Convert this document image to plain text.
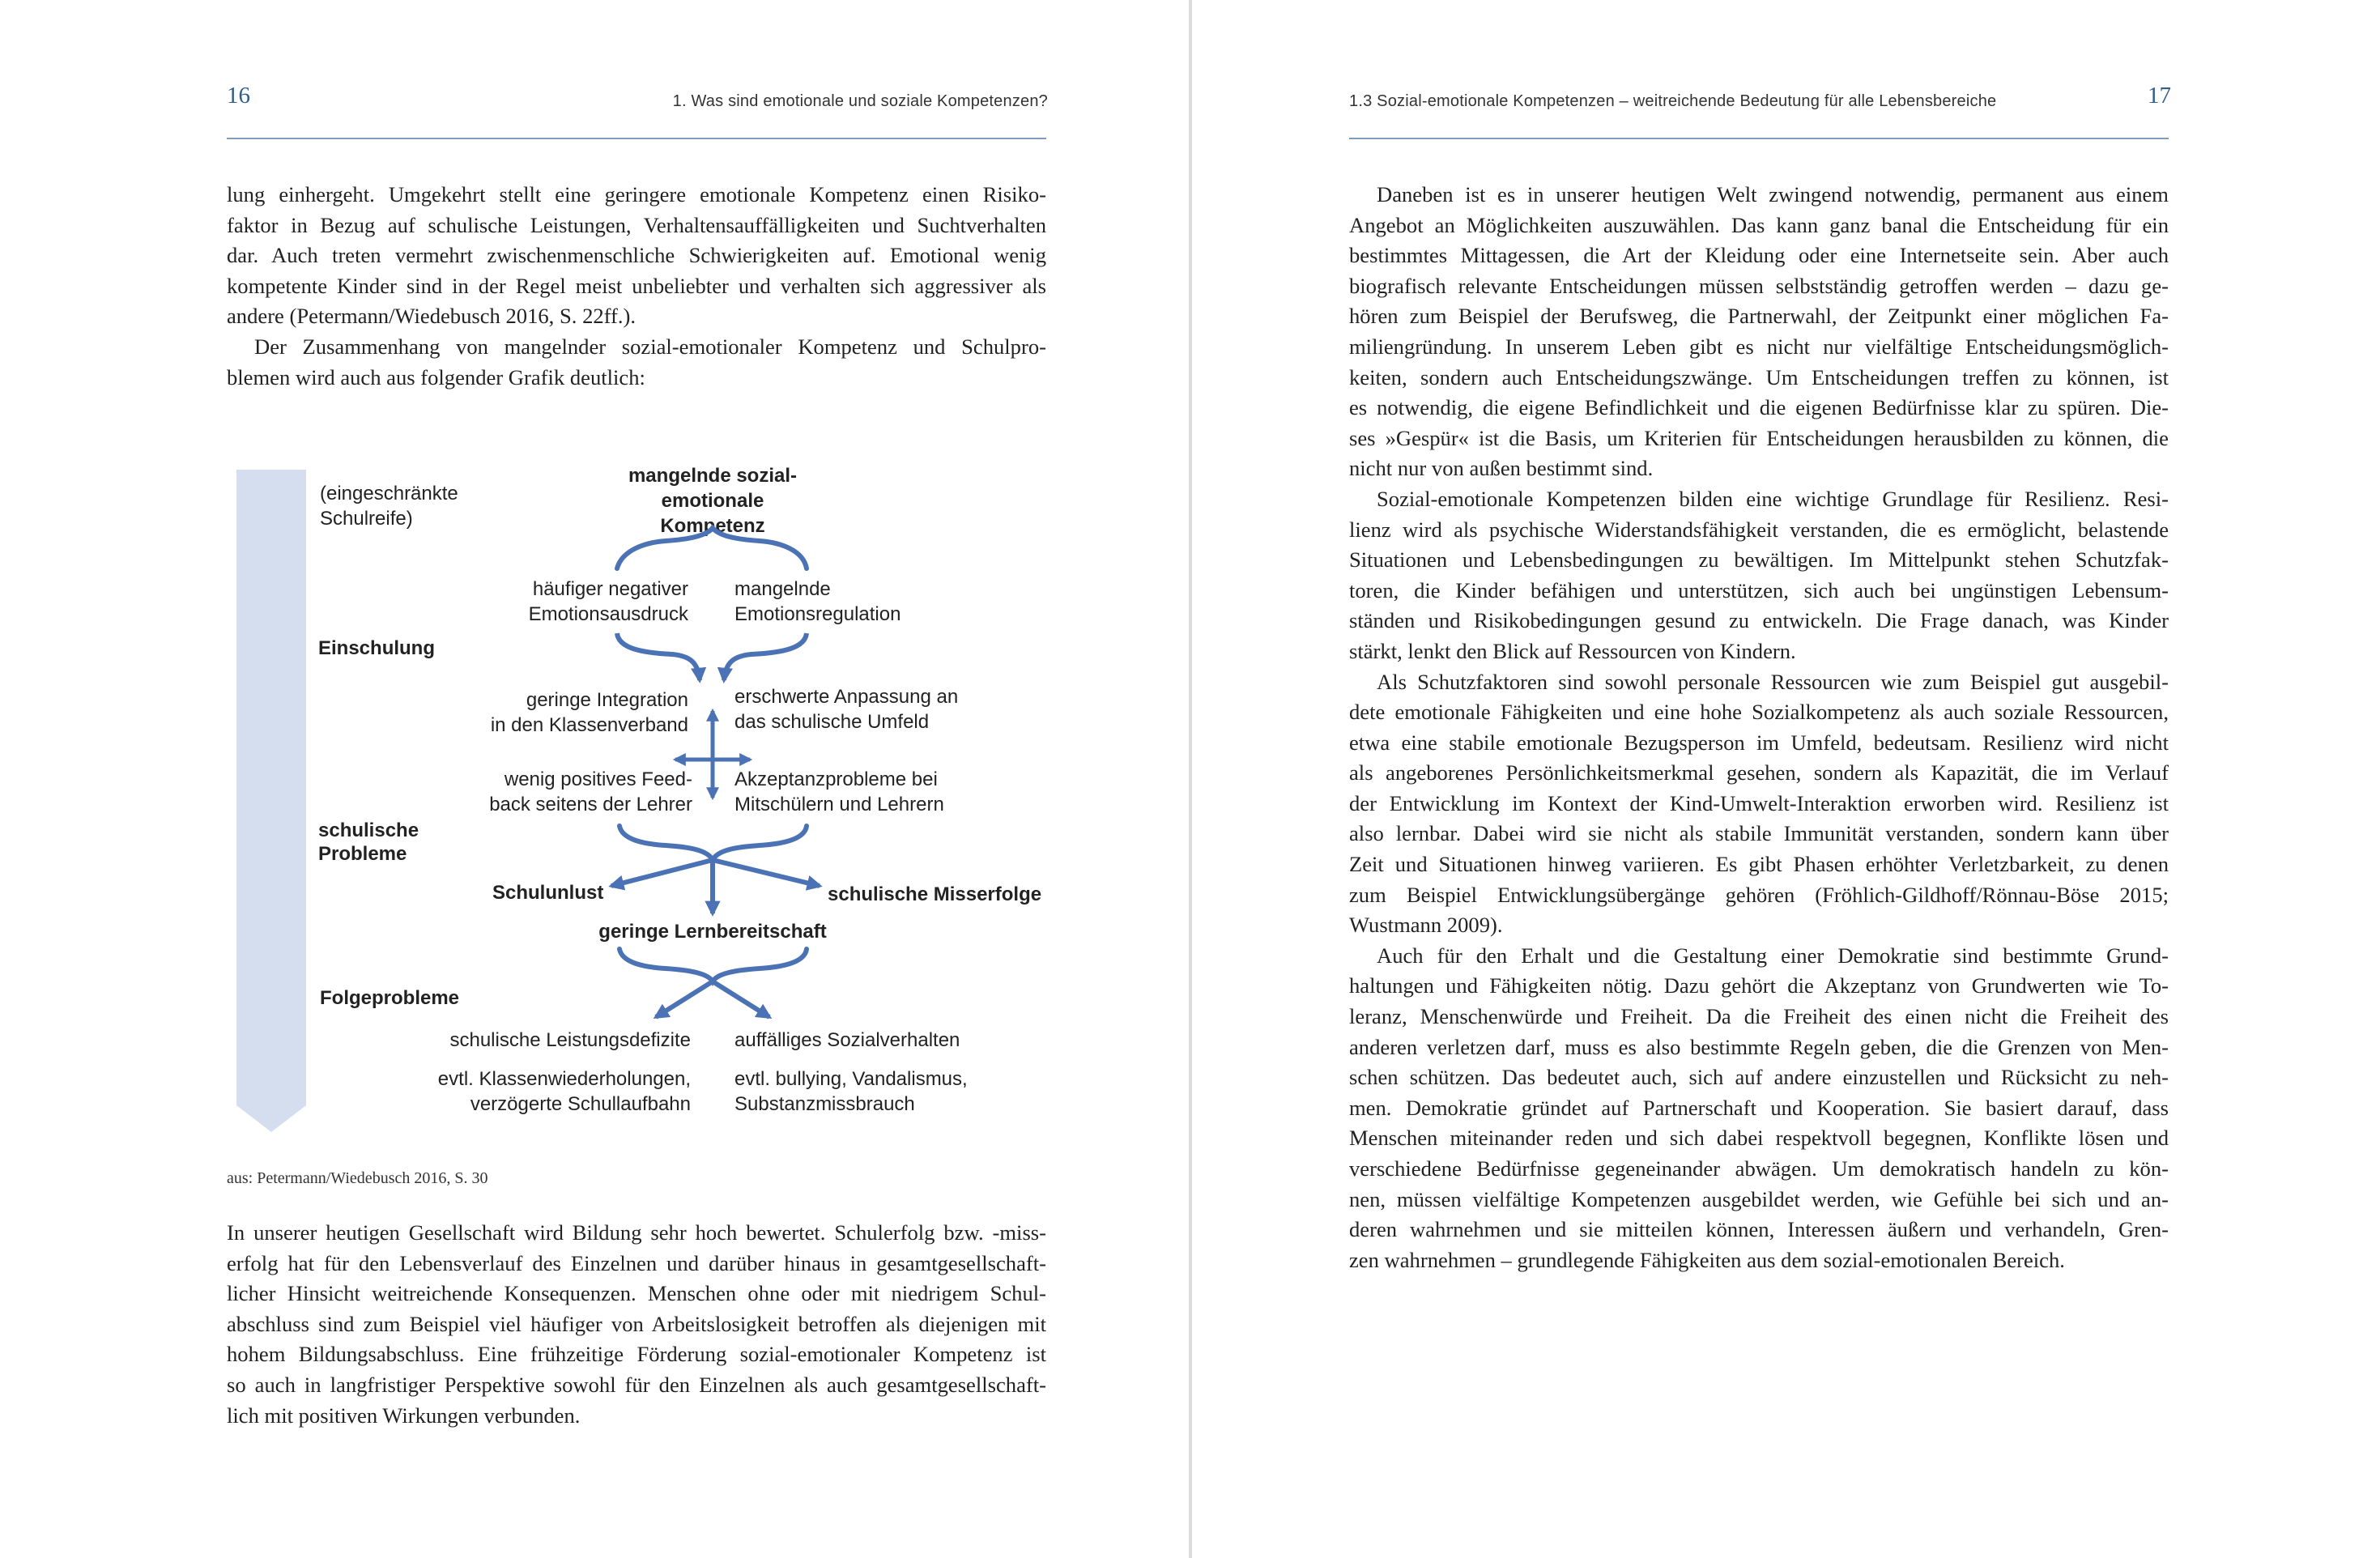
16	1. Was sind emotionale und soziale Kompetenzen?
lung einhergeht. Umgekehrt stellt eine geringere emotionale Kompetenz einen Risiko-
faktor in Bezug auf schulische Leistungen, Verhaltensauffälligkeiten und Suchtverhalten
dar. Auch treten vermehrt zwischenmenschliche Schwierigkeiten auf. Emotional wenig
kompetente Kinder sind in der Regel meist unbeliebter und verhalten sich aggressiver als
andere (Petermann/Wiedebusch 2016, S. 22ff.).
Der Zusammenhang von mangelnder sozial-emotionaler Kompetenz und Schulpro-
blemen wird auch aus folgender Grafik deutlich:
(eingeschränkte Schulreife)
Einschulung
schulische Probleme
Folgeprobleme
mangelnde sozial-emotionale Kompetenz
häufiger negativer Emotionsausdruck
mangelnde Emotionsregulation
geringe Integration in den Klassenverband
erschwerte Anpassung an das schulische Umfeld
wenig positives Feed-back seitens der Lehrer
Akzeptanzprobleme bei Mitschülern und Lehrern
Schulunlust	schulische Misserfolge
geringe Lernbereitschaft
schulische Leistungsdefizite auffälliges Sozialverhalten
evtl. Klassenwiederholungen, verzögerte Schullaufbahn
evtl. bullying, Vandalismus, Substanzmissbrauch
aus: Petermann/Wiedebusch 2016, S. 30
In unserer heutigen Gesellschaft wird Bildung sehr hoch bewertet. Schulerfolg bzw. -miss-
erfolg hat für den Lebensverlauf des Einzelnen und darüber hinaus in gesamtgesellschaft-
licher Hinsicht weitreichende Konsequenzen. Menschen ohne oder mit niedrigem Schul-
abschluss sind zum Beispiel viel häufiger von Arbeitslosigkeit betroffen als diejenigen mit
hohem Bildungsabschluss. Eine frühzeitige Förderung sozial-emotionaler Kompetenz ist
so auch in langfristiger Perspektive sowohl für den Einzelnen als auch gesamtgesellschaft-
lich mit positiven Wirkungen verbunden.
1.3 Sozial-emotionale Kompetenzen – weitreichende Bedeutung für alle Lebensbereiche	17
Daneben ist es in unserer heutigen Welt zwingend notwendig, permanent aus einem
Angebot an Möglichkeiten auszuwählen. Das kann ganz banal die Entscheidung für ein
bestimmtes Mittagessen, die Art der Kleidung oder eine Internetseite sein. Aber auch
biografisch relevante Entscheidungen müssen selbstständig getroffen werden – dazu ge-
hören zum Beispiel der Berufsweg, die Partnerwahl, der Zeitpunkt einer möglichen Fa-
miliengründung. In unserem Leben gibt es nicht nur vielfältige Entscheidungsmöglich-
keiten, sondern auch Entscheidungszwänge. Um Entscheidungen treffen zu können, ist
es notwendig, die eigene Befindlichkeit und die eigenen Bedürfnisse klar zu spüren. Die-
ses »Gespür« ist die Basis, um Kriterien für Entscheidungen herausbilden zu können, die
nicht nur von außen bestimmt sind.
Sozial-emotionale Kompetenzen bilden eine wichtige Grundlage für Resilienz. Resi-
lienz wird als psychische Widerstandsfähigkeit verstanden, die es ermöglicht, belastende
Situationen und Lebensbedingungen zu bewältigen. Im Mittelpunkt stehen Schutzfak-
toren, die Kinder befähigen und unterstützen, sich auch bei ungünstigen Lebensum-
ständen und Risikobedingungen gesund zu entwickeln. Die Frage danach, was Kinder
stärkt, lenkt den Blick auf Ressourcen von Kindern.
Als Schutzfaktoren sind sowohl personale Ressourcen wie zum Beispiel gut ausgebil-
dete emotionale Fähigkeiten und eine hohe Sozialkompetenz als auch soziale Ressourcen,
etwa eine stabile emotionale Bezugsperson im Umfeld, bedeutsam. Resilienz wird nicht
als angeborenes Persönlichkeitsmerkmal gesehen, sondern als Kapazität, die im Verlauf
der Entwicklung im Kontext der Kind-Umwelt-Interaktion erworben wird. Resilienz ist
also lernbar. Dabei wird sie nicht als stabile Immunität verstanden, sondern kann über
Zeit und Situationen hinweg variieren. Es gibt Phasen erhöhter Verletzbarkeit, zu denen
zum Beispiel Entwicklungsübergänge gehören (Fröhlich-Gildhoff/Rönnau-Böse 2015;
Wustmann 2009).
Auch für den Erhalt und die Gestaltung einer Demokratie sind bestimmte Grund-
haltungen und Fähigkeiten nötig. Dazu gehört die Akzeptanz von Grundwerten wie To-
leranz, Menschenwürde und Freiheit. Da die Freiheit des einen nicht die Freiheit des
anderen verletzen darf, muss es also bestimmte Regeln geben, die die Grenzen von Men-
schen schützen. Das bedeutet auch, sich auf andere einzustellen und Rücksicht zu neh-
men. Demokratie gründet auf Partnerschaft und Kooperation. Sie basiert darauf, dass
Menschen miteinander reden und sich dabei respektvoll begegnen, Konflikte lösen und
verschiedene Bedürfnisse gegeneinander abwägen. Um demokratisch handeln zu kön-
nen, müssen vielfältige Kompetenzen ausgebildet werden, wie Gefühle bei sich und an-
deren wahrnehmen und sie mitteilen können, Interessen äußern und verhandeln, Gren-
zen wahrnehmen – grundlegende Fähigkeiten aus dem sozial-emotionalen Bereich.
